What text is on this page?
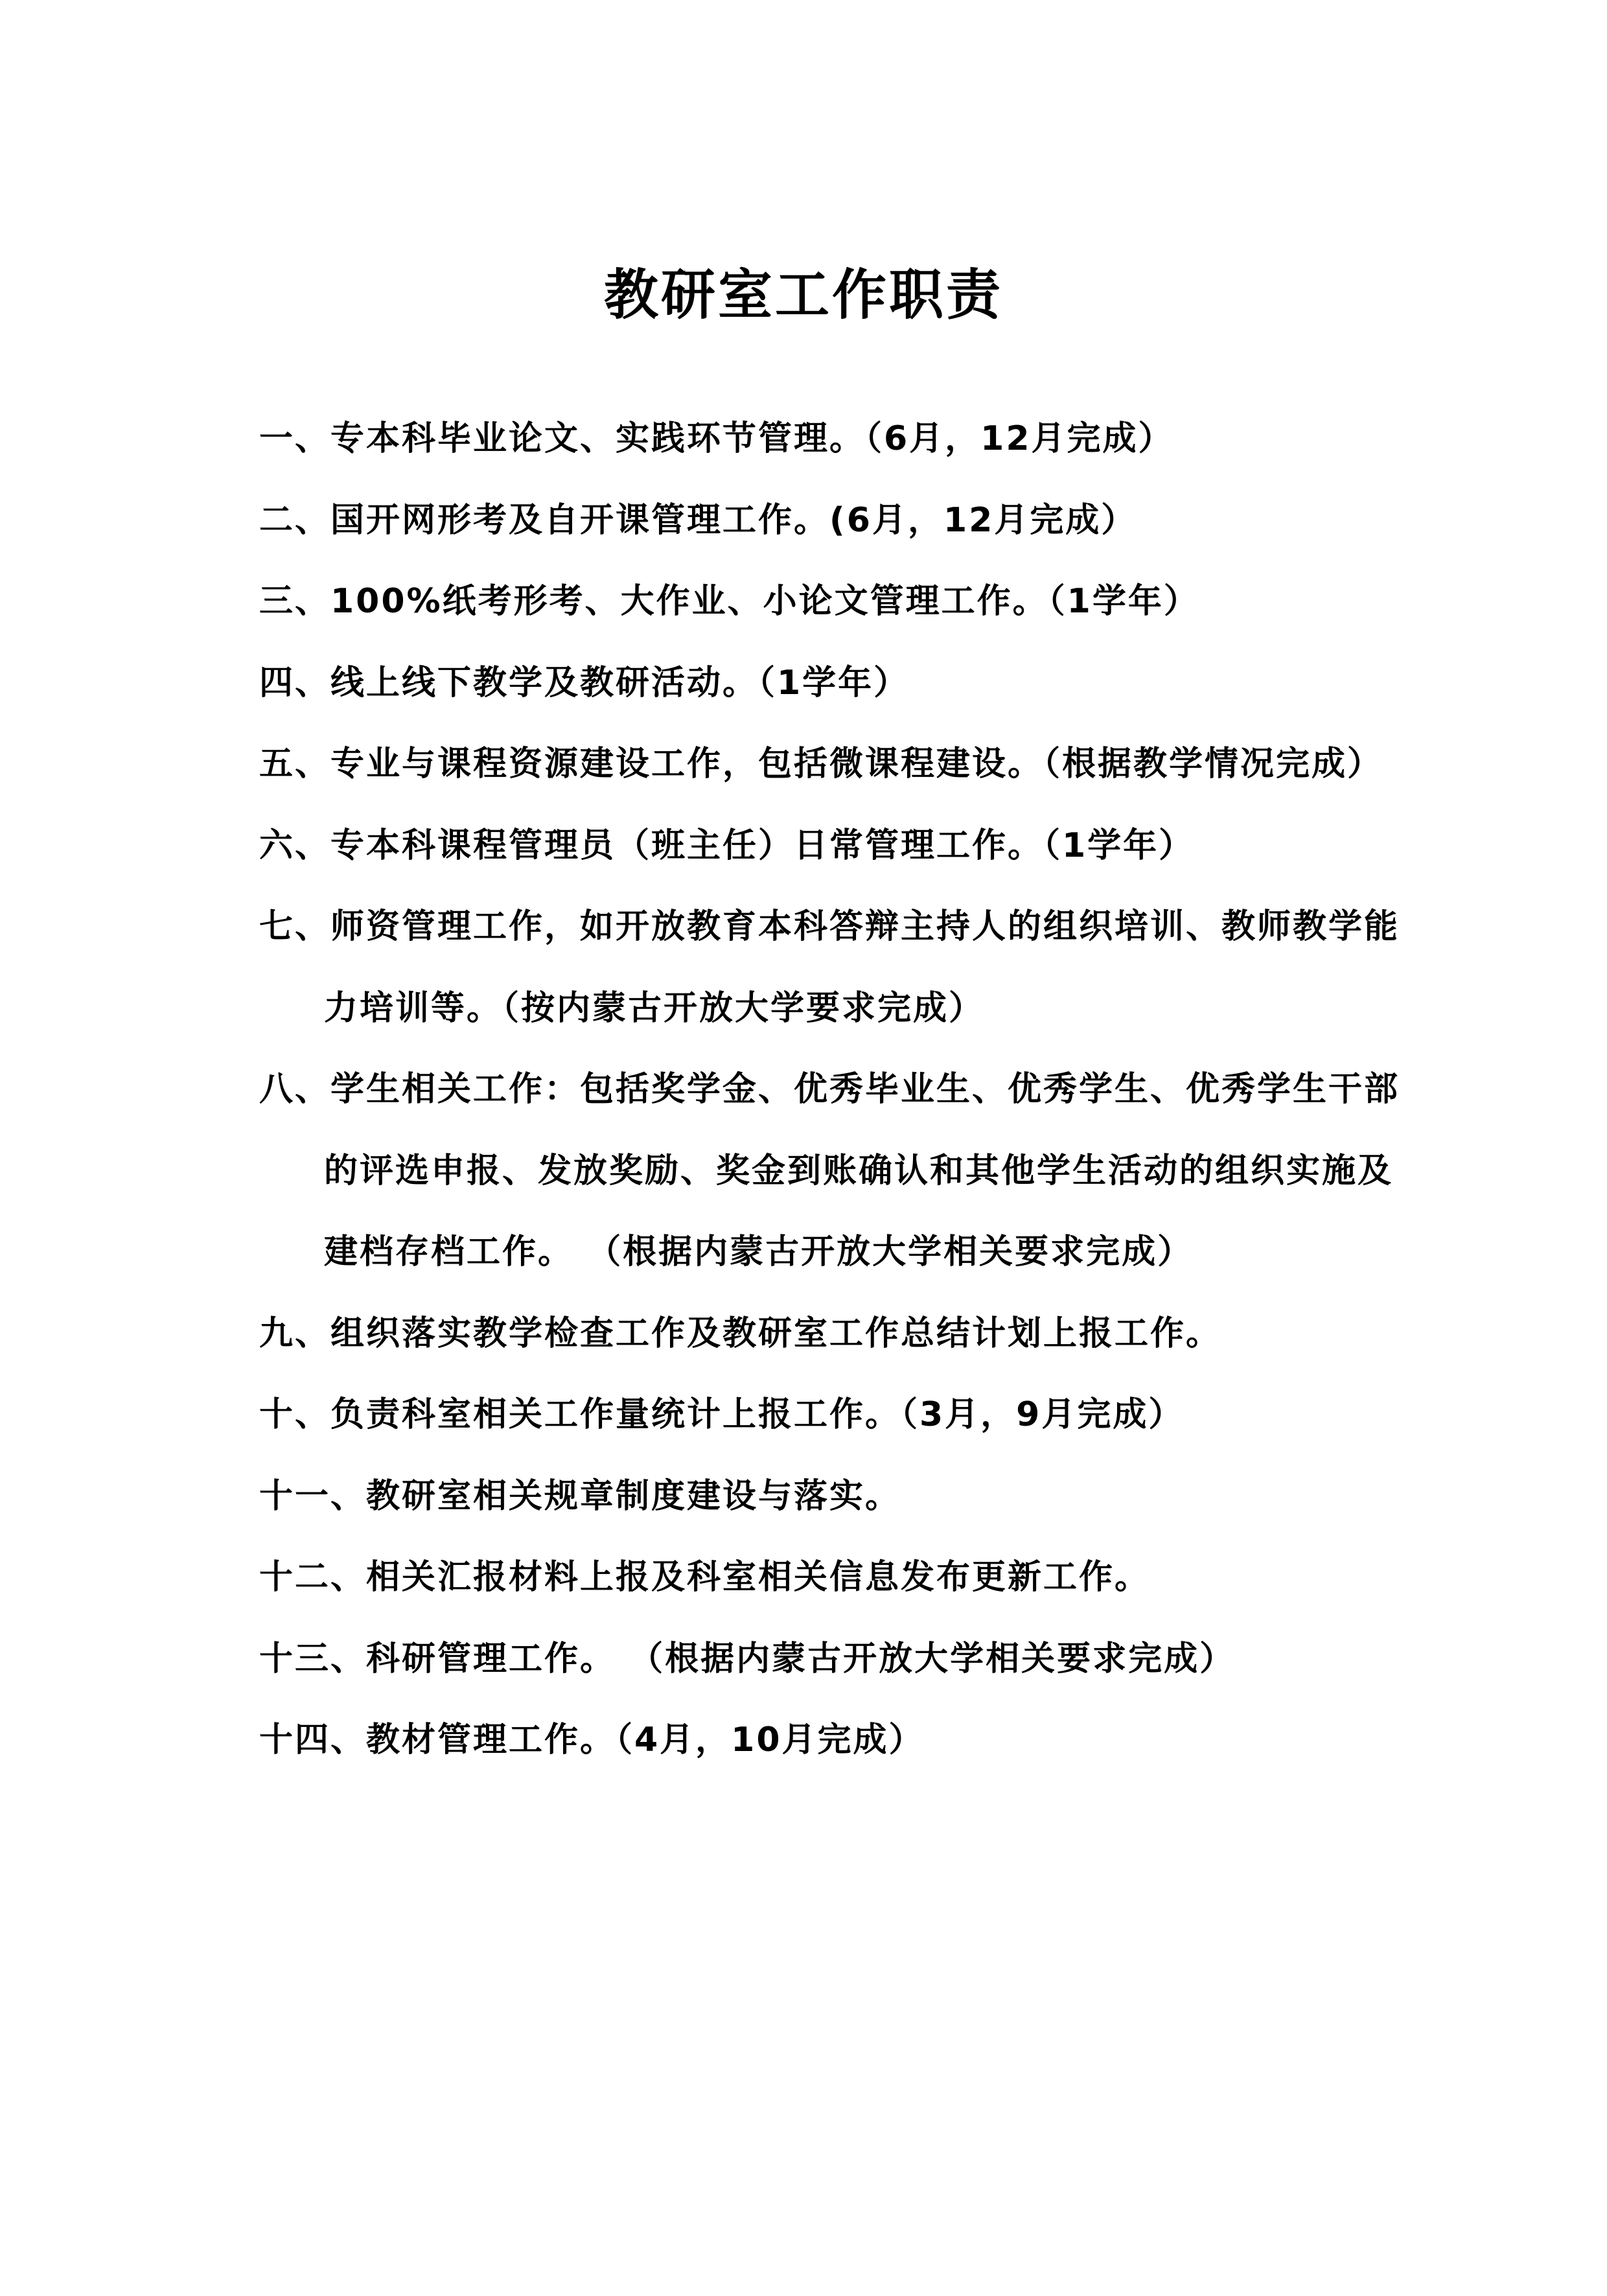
教研室工作职责
一、专本科毕业论文、实践环节管理。（6月，12月完成）
二、国开网形考及自开课管理工作。(6月，12月完成）
三、100%纸考形考、大作业、小论文管理工作。（1学年）
四、线上线下教学及教研活动。（1学年）
五、专业与课程资源建设工作，包括微课程建设。（根据教学情况完成）
六、专本科课程管理员（班主任）日常管理工作。（1学年）
七、师资管理工作，如开放教育本科答辩主持人的组织培训、教师教学能
力培训等。（按内蒙古开放大学要求完成）
八、学生相关工作：包括奖学金、优秀毕业生、优秀学生、优秀学生干部
的评选申报、发放奖励、奖金到账确认和其他学生活动的组织实施及
建档存档工作。 （根据内蒙古开放大学相关要求完成）
九、组织落实教学检查工作及教研室工作总结计划上报工作。
十、负责科室相关工作量统计上报工作。（3月，9月完成）
十一、教研室相关规章制度建设与落实。
十二、相关汇报材料上报及科室相关信息发布更新工作。
十三、科研管理工作。 （根据内蒙古开放大学相关要求完成）
十四、教材管理工作。（4月，10月完成）
